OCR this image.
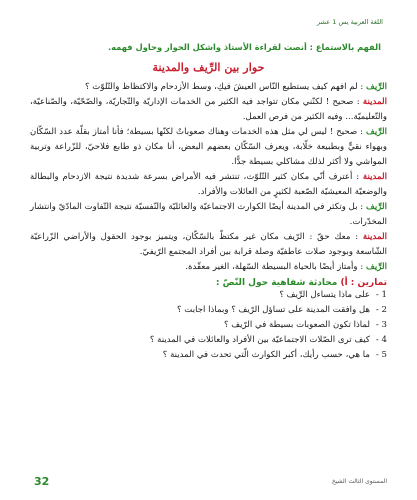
اللغة العربية يس 1 عشر
الفهم بالاستماع : أنصت لقراءة الأستاذ واشكل الحوار وحاول فهمه.
حوار بين الرِّيف والمدينة

الرِّيف : لم افهم كيف يستطيع النّاس العيشَ فيكِ، وسط الأزدحام والاكتظاظ والتّلوّث ؟

المدينة : صحيح ! لكنّني مكان تتواجد فيه الكثير من الخدمات الإداريّة والتّجاريّة، والصّحّيّة، والصّناعيّة، والتّعليميّة... وفيه الكثير من فرص العمل.

الرِّيف : صحيح ! ليس لي مثل هذه الخدمات وهناك صعوباتٌ لكنّها بسيطة؛ فأنا أمتاز بقلّة عدد السّكّان وبهواء نقيٍّ وبطبيعة خلّابة، ويعرف السّكّان بعضهم البعض، أنا مكان ذو طابع فلاحيّ، للزّراعة وتربية المواشي ولا أكثر لذلك مشاكلي بسيطة جدًّا.

المدينة : أعترف أنّي مكان كثير التّلوّث، تنتشر فيه الأمراض بسرعة شديدة نتيجة الازدحام والبطالة والوضعيّة المعيشيّة الصّعبة لكثيرٍ من العائلات والأفراد.

الرِّيف : بل وتكثر في المدينة أيضًا الكوارث الاجتماعيّة والعائليّة والنّفسيّة نتيجة التّفاوت المادّيّ وانتشار المخدّرات.

المدينة : معك حقّ : الرّيف مكان غير مكتظّ بالسّكّان، ويتميز بوجود الحقول والأراضي الزّراعيّة الشّاسعة وبوجود صلات عاطفيّة وصلة قرابة بين أفراد المجتمع الرّيفيّ.

الرِّيف : وأمتاز أيضًا بالحياة البسيطة السّهلة، الغير معقّدة.

تمارين : أ) محادثة شفاهية حول النّصّ :
1 -
على ماذا يتساءل الرِّيف ؟
2 -
هل وافقت المدينة على تساؤل الرّيف ؟ وبماذا اجابت ؟
3 -
لماذا تكون الصعوبات بسيطة في الرّيف ؟
4 -
كيف ترى الصّلات الاجتماعيّة بين الأفراد والعائلات في المدينة ؟
5 -
ما هي، حسب رأيك، أكبر الكوارث الّتي تحدث في المدينة ؟
32	المستوى الثالث الشيخ
